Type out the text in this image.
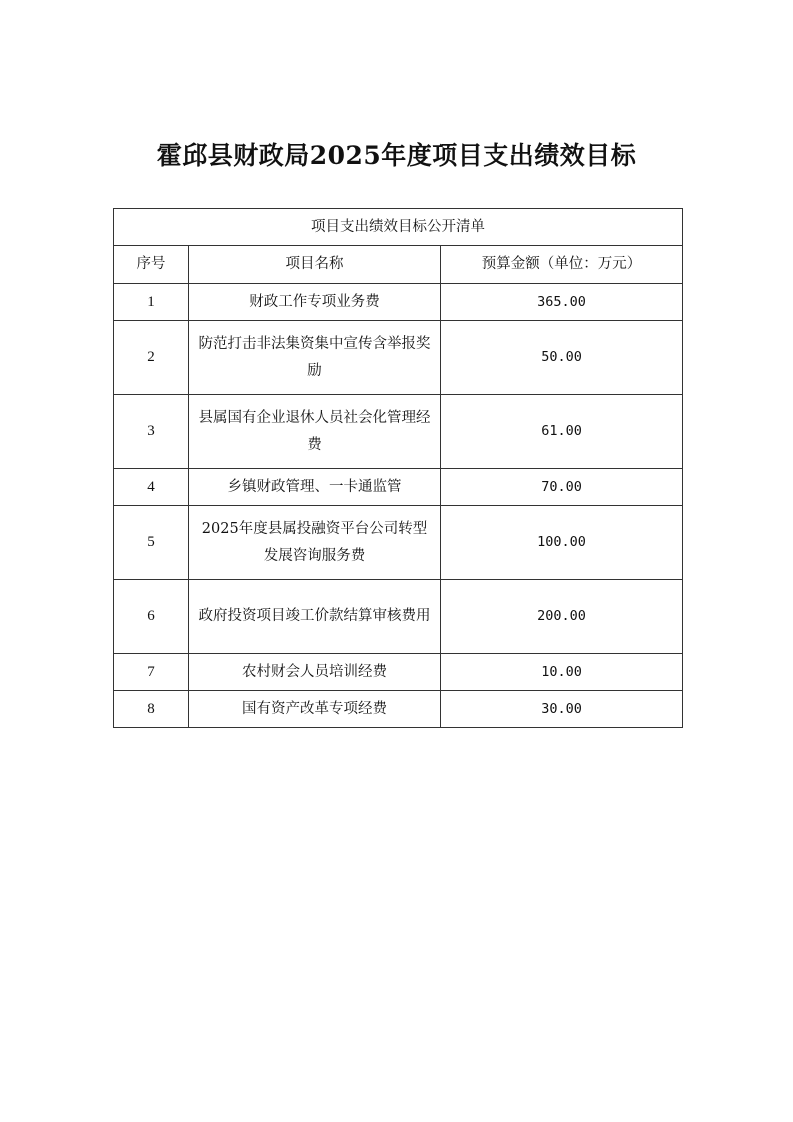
霍邱县财政局2025年度项目支出绩效目标
项目支出绩效目标公开清单		
序号	项目名称	预算金额（单位：万元）
1	财政工作专项业务费	365.00
2	防范打击非法集资集中宣传含举报奖励	50.00
3	县属国有企业退休人员社会化管理经费	61.00
4	乡镇财政管理、一卡通监管	70.00
5	2025年度县属投融资平台公司转型发展咨询服务费	100.00
6	政府投资项目竣工价款结算审核费用	200.00
7	农村财会人员培训经费	10.00
8	国有资产改革专项经费	30.00
